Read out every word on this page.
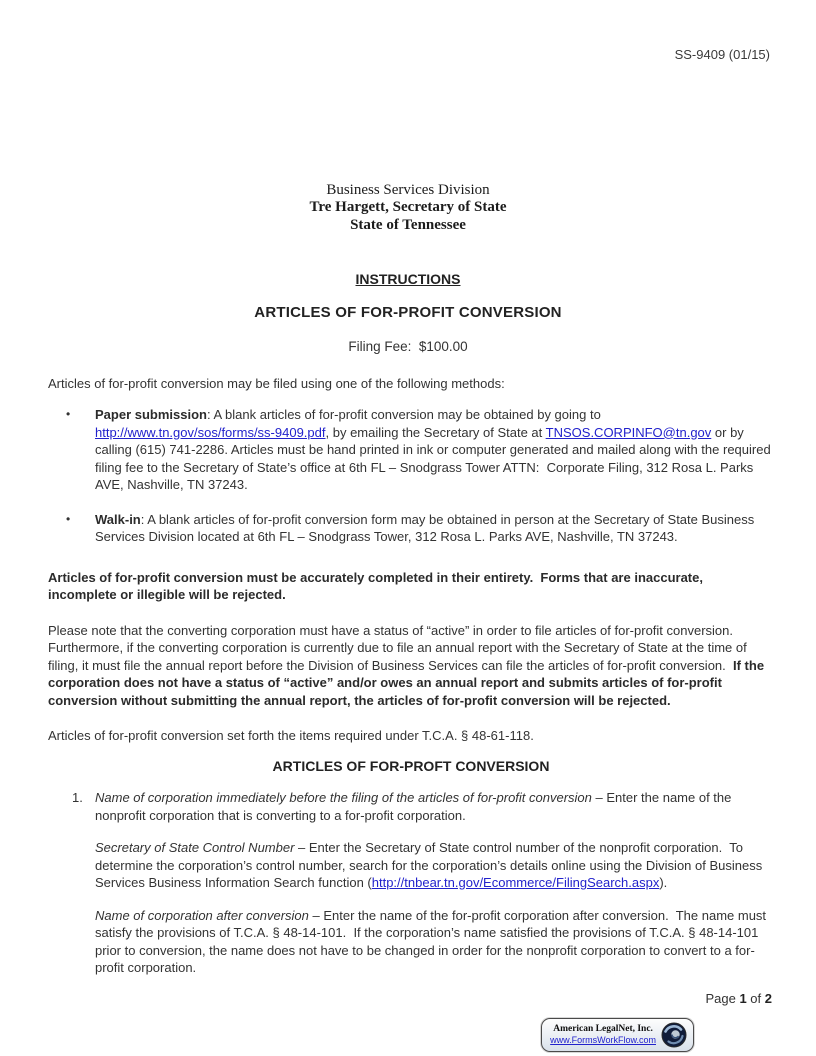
SS-9409 (01/15)
Business Services Division
Tre Hargett, Secretary of State
State of Tennessee
INSTRUCTIONS
ARTICLES OF FOR-PROFIT CONVERSION
Filing Fee:  $100.00

Articles of for-profit conversion may be filed using one of the following methods:

• Paper submission: A blank articles of for-profit conversion may be obtained by going to http://www.tn.gov/sos/forms/ss-9409.pdf, by emailing the Secretary of State at TNSOS.CORPINFO@tn.gov or by calling (615) 741-2286. Articles must be hand printed in ink or computer generated and mailed along with the required filing fee to the Secretary of State’s office at 6th FL – Snodgrass Tower ATTN:  Corporate Filing, 312 Rosa L. Parks AVE, Nashville, TN 37243.
• Walk-in: A blank articles of for-profit conversion form may be obtained in person at the Secretary of State Business Services Division located at 6th FL – Snodgrass Tower, 312 Rosa L. Parks AVE, Nashville, TN 37243.

Articles of for-profit conversion must be accurately completed in their entirety.  Forms that are inaccurate, incomplete or illegible will be rejected.

Please note that the converting corporation must have a status of “active” in order to file articles of for-profit conversion. Furthermore, if the converting corporation is currently due to file an annual report with the Secretary of State at the time of filing, it must file the annual report before the Division of Business Services can file the articles of for-profit conversion.  If the corporation does not have a status of “active” and/or owes an annual report and submits articles of for-profit conversion without submitting the annual report, the articles of for-profit conversion will be rejected.

Articles of for-profit conversion set forth the items required under T.C.A. § 48-61-118.

ARTICLES OF FOR-PROFT CONVERSION
1. Name of corporation immediately before the filing of the articles of for-profit conversion – Enter the name of the nonprofit corporation that is converting to a for-profit corporation.

Secretary of State Control Number – Enter the Secretary of State control number of the nonprofit corporation.  To determine the corporation’s control number, search for the corporation’s details online using the Division of Business Services Business Information Search function (http://tnbear.tn.gov/Ecommerce/FilingSearch.aspx).

Name of corporation after conversion – Enter the name of the for-profit corporation after conversion.  The name must satisfy the provisions of T.C.A. § 48-14-101.  If the corporation’s name satisfied the provisions of T.C.A. § 48-14-101 prior to conversion, the name does not have to be changed in order for the nonprofit corporation to convert to a for-profit corporation.

Page 1 of 2
American LegalNet, Inc.
www.FormsWorkFlow.com
